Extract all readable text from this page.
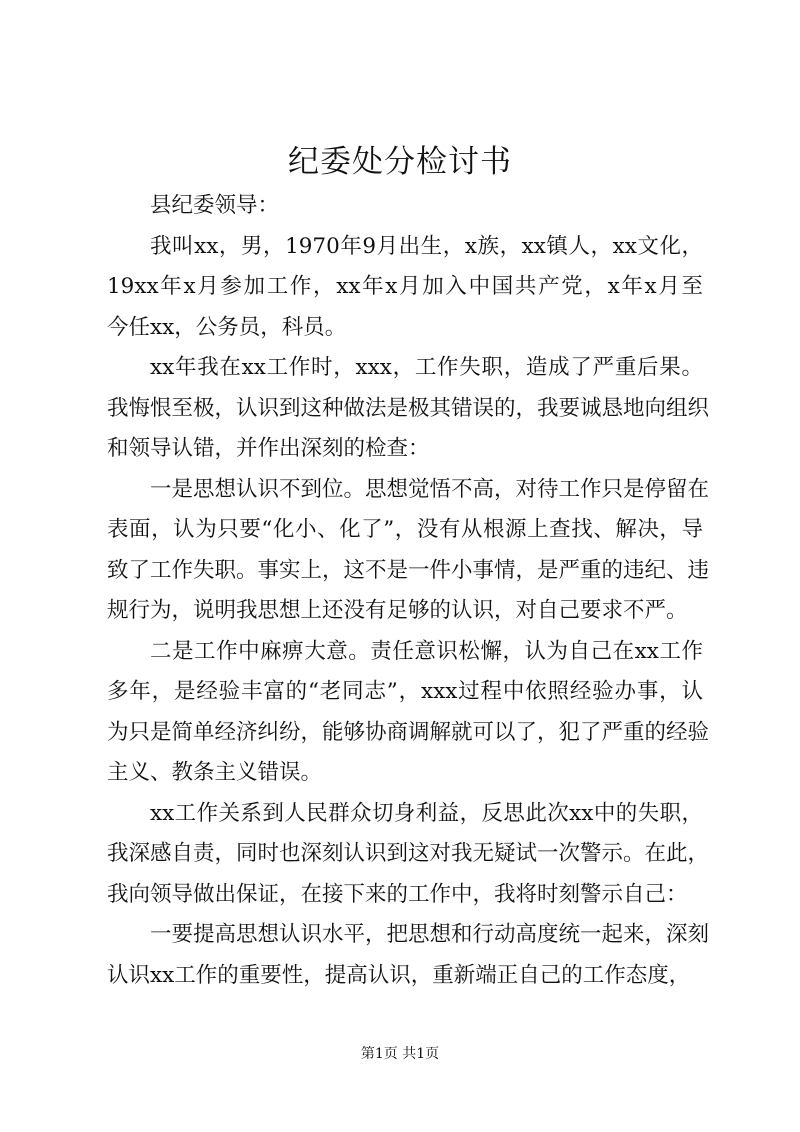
纪委处分检讨书
县纪委领导：
我叫xx，男，1970年9月出生，x族，xx镇人，xx文化，
19xx年x月参加工作，xx年x月加入中国共产党，x年x月至
今任xx，公务员，科员。
xx年我在xx工作时，xxx，工作失职，造成了严重后果。
我悔恨至极，认识到这种做法是极其错误的，我要诚恳地向组织
和领导认错，并作出深刻的检查：
一是思想认识不到位。思想觉悟不高，对待工作只是停留在
表面，认为只要“化小、化了”，没有从根源上查找、解决，导
致了工作失职。事实上，这不是一件小事情，是严重的违纪、违
规行为，说明我思想上还没有足够的认识，对自己要求不严。
二是工作中麻痹大意。责任意识松懈，认为自己在xx工作
多年，是经验丰富的“老同志”，xxx过程中依照经验办事，认
为只是简单经济纠纷，能够协商调解就可以了，犯了严重的经验
主义、教条主义错误。
xx工作关系到人民群众切身利益，反思此次xx中的失职，
我深感自责，同时也深刻认识到这对我无疑试一次警示。在此，
我向领导做出保证，在接下来的工作中，我将时刻警示自己：
一要提高思想认识水平，把思想和行动高度统一起来，深刻
认识xx工作的重要性，提高认识，重新端正自己的工作态度，
第1页 共1页
